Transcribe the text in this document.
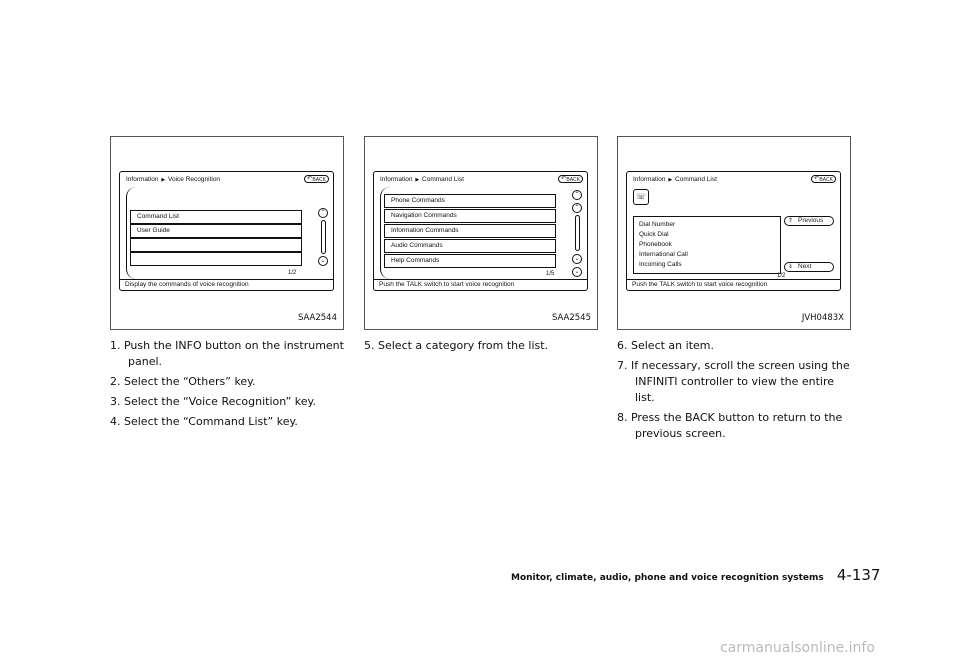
Information ▶ Voice Recognition	↶ BACK
Command List
User Guide
⌃
⌄
1/2
Display the commands of voice recognition
SAA2544
Information ▶ Command List	↶ BACK
Phone Commands
Navigation Commands
Information Commands
Audio Commands
Help Commands
⌃
⌃
⌄
⌄
1/5
Push the TALK switch to start voice recognition
SAA2545
Information ▶ Command List	↶ BACK
☏
Dial Number
Quick Dial
Phonebook
International Call
Incoming Calls
⇑ Previous
⇓ Next
1/2
Push the TALK switch to start voice recognition
JVH0483X

1. Push the INFO button on the instrument panel.

2. Select the “Others” key.

3. Select the “Voice Recognition” key.

4. Select the “Command List” key.

5. Select a category from the list.	6. Select an item.

7. If necessary, scroll the screen using the INFINITI controller to view the entire list.

8. Press the BACK button to return to the previous screen.

Monitor, climate, audio, phone and voice recognition systems 4-137
carmanualsonline.info
